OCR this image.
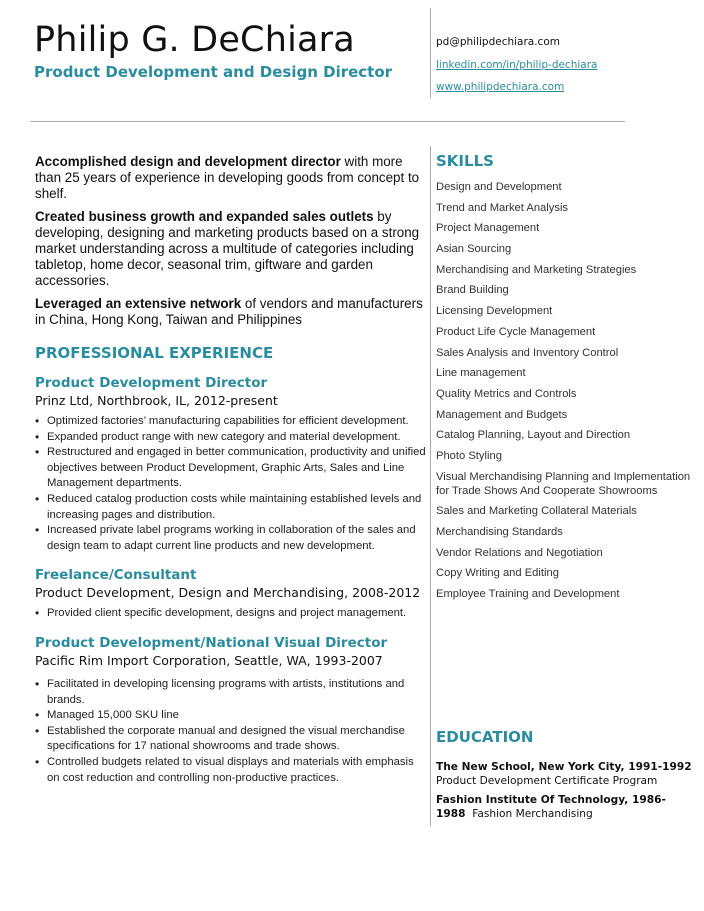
Philip G. DeChiara
Product Development and Design Director
pd@philipdechiara.com
linkedin.com/in/philip-dechiara
www.philipdechiara.com

Accomplished design and development director with more than 25 years of experience in developing goods from concept to shelf.

Created business growth and expanded sales outlets by developing, designing and marketing products based on a strong market understanding across a multitude of categories including tabletop, home decor, seasonal trim, giftware and garden accessories.

Leveraged an extensive network of vendors and manufacturers in China, Hong Kong, Taiwan and Philippines

PROFESSIONAL EXPERIENCE
Product Development Director
Prinz Ltd, Northbrook, IL, 2012-present
• Optimized factories’ manufacturing capabilities for efficient development.
• Expanded product range with new category and material development.
• Restructured and engaged in better communication, productivity and unified objectives between Product Development, Graphic Arts, Sales and Line Management departments.
• Reduced catalog production costs while maintaining established levels and increasing pages and distribution.
• Increased private label programs working in collaboration of the sales and design team to adapt current line products and new development.
Freelance/Consultant
Product Development, Design and Merchandising, 2008-2012
• Provided client specific development, designs and project management.
Product Development/National Visual Director
Pacific Rim Import Corporation, Seattle, WA, 1993-2007
• Facilitated in developing licensing programs with artists, institutions and brands.
• Managed 15,000 SKU line
• Established the corporate manual and designed the visual merchandise specifications for 17 national showrooms and trade shows.
• Controlled budgets related to visual displays and materials with emphasis on cost reduction and controlling non-productive practices.
SKILLS
Design and Development
Trend and Market Analysis
Project Management
Asian Sourcing
Merchandising and Marketing Strategies
Brand Building
Licensing Development
Product Life Cycle Management
Sales Analysis and Inventory Control
Line management
Quality Metrics and Controls
Management and Budgets
Catalog Planning, Layout and Direction
Photo Styling
Visual Merchandising Planning and Implementation for Trade Shows And Cooperate Showrooms
Sales and Marketing Collateral Materials
Merchandising Standards
Vendor Relations and Negotiation
Copy Writing and Editing
Employee Training and Development
EDUCATION
The New School, New York City, 1991-1992
Product Development Certificate Program
Fashion Institute Of Technology, 1986-1988 Fashion Merchandising
